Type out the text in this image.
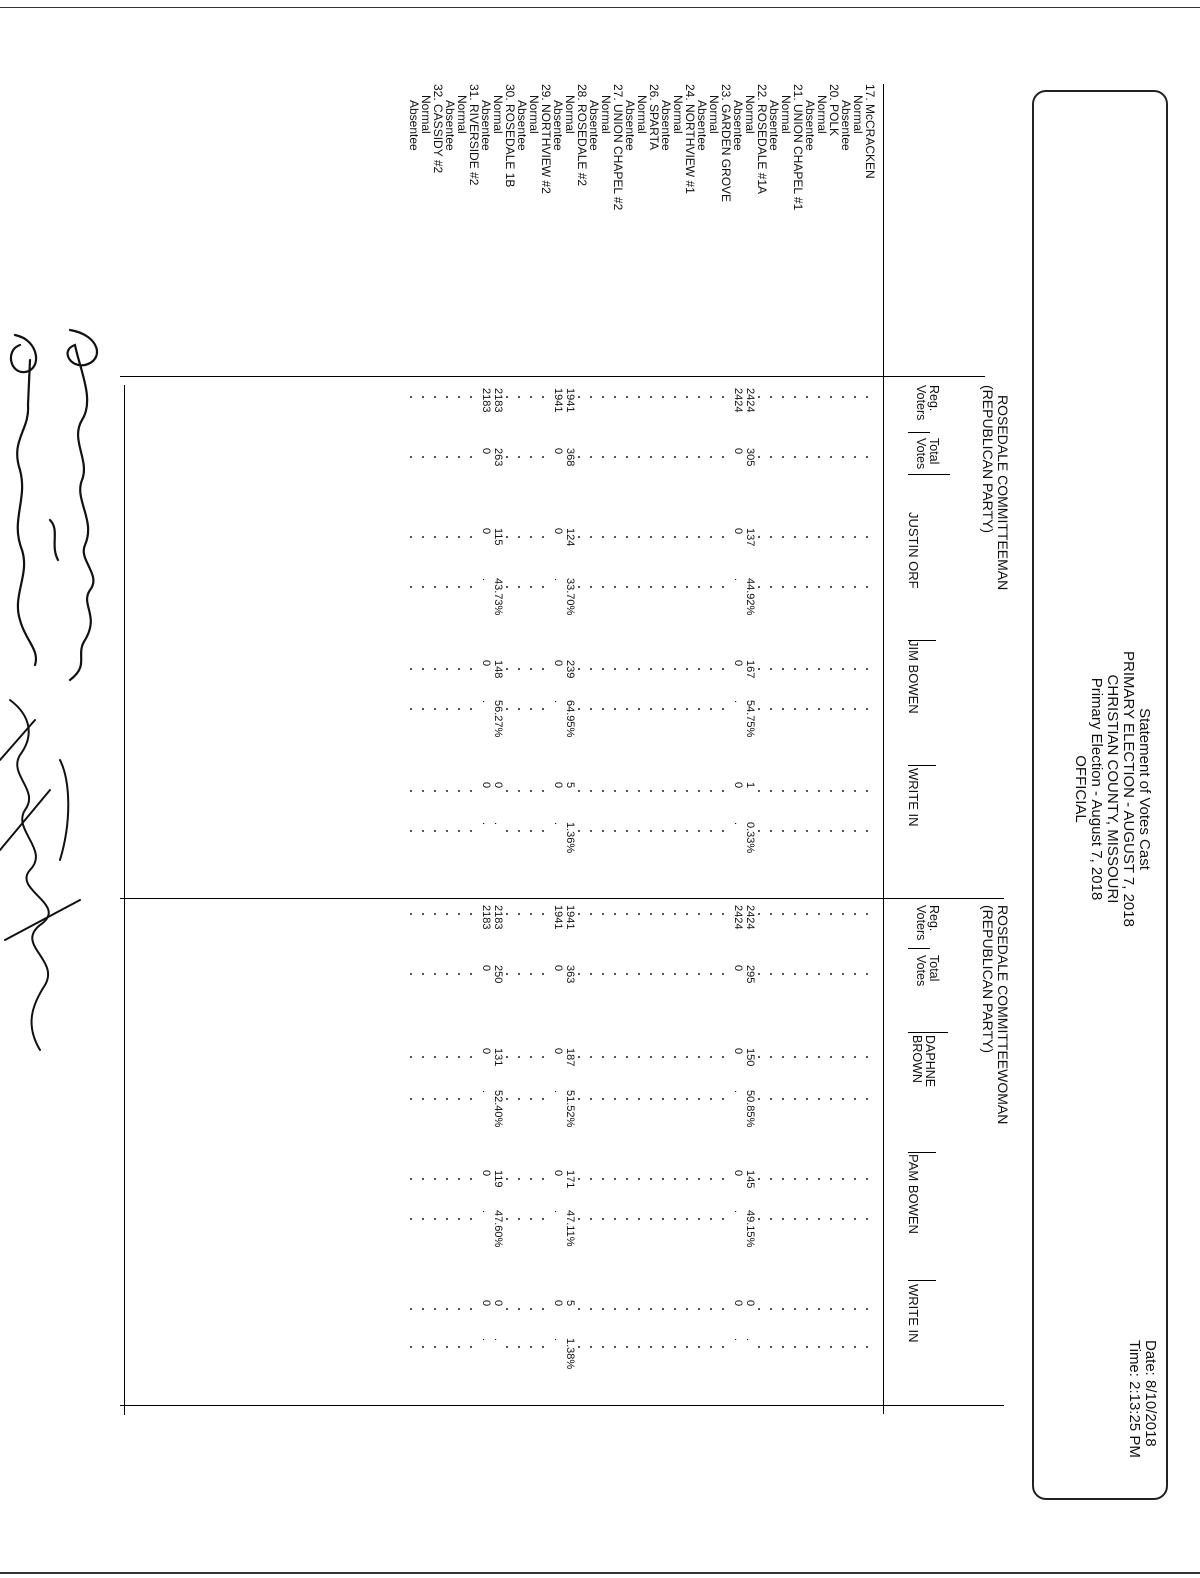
Statement of Votes Cast
PRIMARY ELECTION - AUGUST 7, 2018
CHRISTIAN COUNTY, MISSOURI
Primary Election - August 7, 2018
OFFICIAL
Date: 8/10/2018
Time: 2:13:25 PM
ROSEDALE COMMITTEEMAN
(REPUBLICAN PARTY)
ROSEDALE COMMITTEEWOMAN
(REPUBLICAN PARTY)
Reg.
Voters
Total
Votes
JUSTIN ORF
JIM BOWEN
WRITE IN
Reg.
Voters
Total
Votes
DAPHNE
BROWN
PAM BOWEN
WRITE IN
17. McCRACKEN
Normal
Absentee
20. POLK
Normal
Absentee
21. UNION CHAPEL #1
Normal
Absentee
22. ROSEDALE #1A
Normal
Absentee
23. GARDEN GROVE
Normal
Absentee
24. NORTHVIEW #1
Normal
Absentee
26. SPARTA
Normal
Absentee
27. UNION CHAPEL #2
Normal
Absentee
28. ROSEDALE #2
Normal
Absentee
29. NORTHVIEW #2
Normal
Absentee
30. ROSEDALE 1B
Normal
Absentee
31. RIVERSIDE #2
Normal
Absentee
32. CASSIDY #2
Normal
Absentee
2424
305
137
44.92%
167
54.75%
1
0.33%
2424
0
0
.
0
.
0
.
1941
368
124
33.70%
239
64.95%
5
1.36%
1941
0
0
.
0
.
0
.
2183
263
115
43.73%
148
56.27%
0
.
2183
0
0
.
0
.
0
.
2424
295
150
50.85%
145
49.15%
0
.
2424
0
0
.
0
.
0
.
1941
363
187
51.52%
171
47.11%
5
1.38%
1941
0
0
.
0
.
0
.
2183
250
131
52.40%
119
47.60%
0
.
2183
0
0
.
0
.
0
.
